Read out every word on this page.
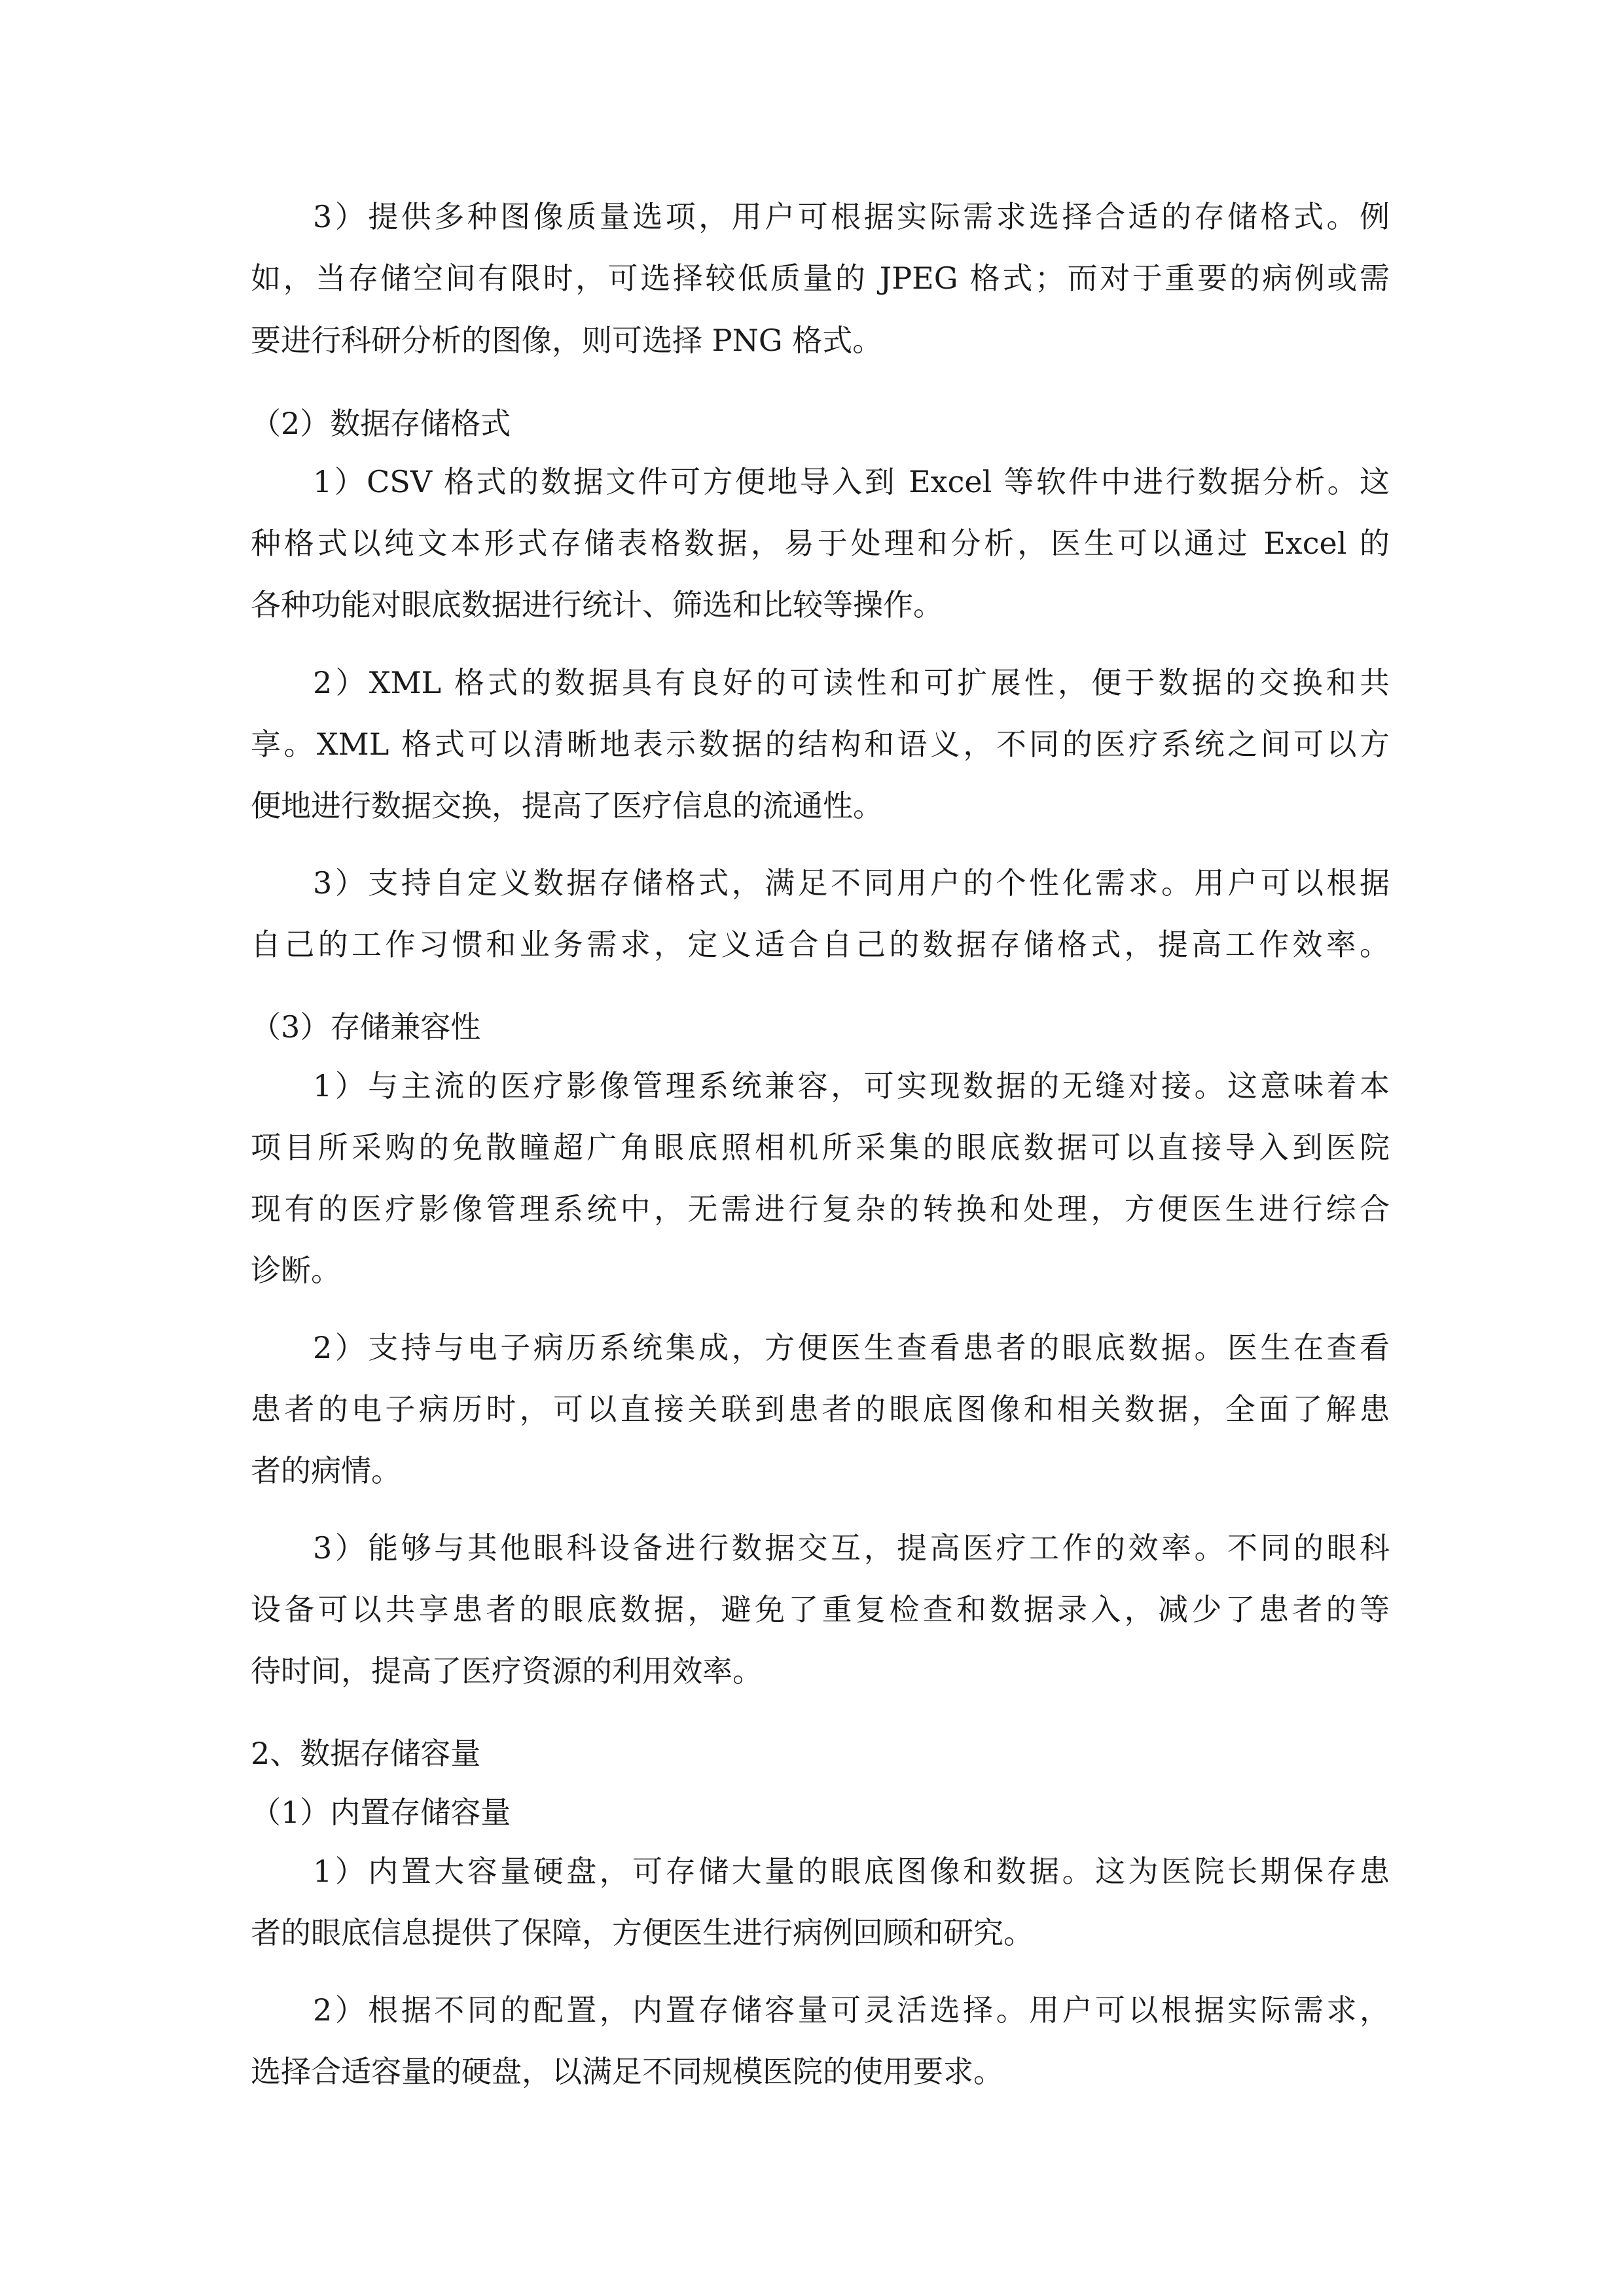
3）提供多种图像质量选项，用户可根据实际需求选择合适的存储格式。例
如，当存储空间有限时，可选择较低质量的 JPEG 格式；而对于重要的病例或需
要进行科研分析的图像，则可选择 PNG 格式。
（2）数据存储格式
1）CSV 格式的数据文件可方便地导入到 Excel 等软件中进行数据分析。这
种格式以纯文本形式存储表格数据，易于处理和分析，医生可以通过 Excel 的
各种功能对眼底数据进行统计、筛选和比较等操作。
2）XML 格式的数据具有良好的可读性和可扩展性，便于数据的交换和共
享。XML 格式可以清晰地表示数据的结构和语义，不同的医疗系统之间可以方
便地进行数据交换，提高了医疗信息的流通性。
3）支持自定义数据存储格式，满足不同用户的个性化需求。用户可以根据
自己的工作习惯和业务需求，定义适合自己的数据存储格式，提高工作效率。
（3）存储兼容性
1）与主流的医疗影像管理系统兼容，可实现数据的无缝对接。这意味着本
项目所采购的免散瞳超广角眼底照相机所采集的眼底数据可以直接导入到医院
现有的医疗影像管理系统中，无需进行复杂的转换和处理，方便医生进行综合
诊断。
2）支持与电子病历系统集成，方便医生查看患者的眼底数据。医生在查看
患者的电子病历时，可以直接关联到患者的眼底图像和相关数据，全面了解患
者的病情。
3）能够与其他眼科设备进行数据交互，提高医疗工作的效率。不同的眼科
设备可以共享患者的眼底数据，避免了重复检查和数据录入，减少了患者的等
待时间，提高了医疗资源的利用效率。
2、数据存储容量
（1）内置存储容量
1）内置大容量硬盘，可存储大量的眼底图像和数据。这为医院长期保存患
者的眼底信息提供了保障，方便医生进行病例回顾和研究。
2）根据不同的配置，内置存储容量可灵活选择。用户可以根据实际需求，
选择合适容量的硬盘，以满足不同规模医院的使用要求。
